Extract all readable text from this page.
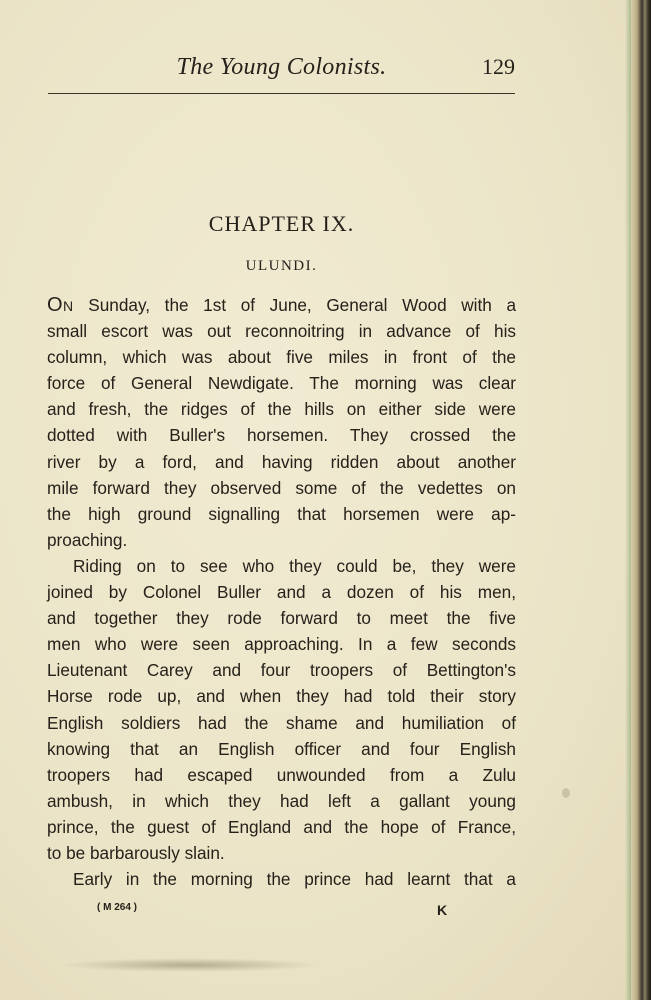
The Young Colonists.	129
CHAPTER IX.
ULUNDI.
On Sunday, the 1st of June, General Wood with a
small escort was out reconnoitring in advance of his
column, which was about five miles in front of the
force of General Newdigate. The morning was clear
and fresh, the ridges of the hills on either side were
dotted with Buller's horsemen. They crossed the
river by a ford, and having ridden about another
mile forward they observed some of the vedettes on
the high ground signalling that horsemen were ap-
proaching.
Riding on to see who they could be, they were
joined by Colonel Buller and a dozen of his men,
and together they rode forward to meet the five
men who were seen approaching. In a few seconds
Lieutenant Carey and four troopers of Bettington's
Horse rode up, and when they had told their story
English soldiers had the shame and humiliation of
knowing that an English officer and four English
troopers had escaped unwounded from a Zulu
ambush, in which they had left a gallant young
prince, the guest of England and the hope of France,
to be barbarously slain.
Early in the morning the prince had learnt that a
( M 264 )	K
